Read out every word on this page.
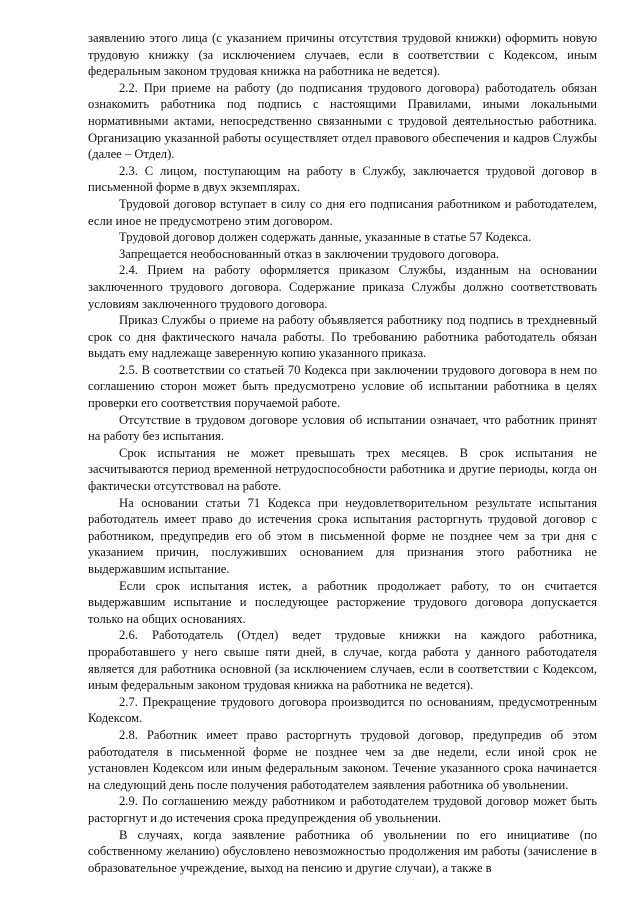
заявлению этого лица (с указанием причины отсутствия трудовой книжки) оформить новую трудовую книжку (за исключением случаев, если в соответствии с Кодексом, иным федеральным законом трудовая книжка на работника не ведется).

2.2. При приеме на работу (до подписания трудового договора) работодатель обязан ознакомить работника под подпись с настоящими Правилами, иными локальными нормативными актами, непосредственно связанными с трудовой деятельностью работника. Организацию указанной работы осуществляет отдел правового обеспечения и кадров Службы (далее – Отдел).

2.3. С лицом, поступающим на работу в Службу, заключается трудовой договор в письменной форме в двух экземплярах.

Трудовой договор вступает в силу со дня его подписания работником и работодателем, если иное не предусмотрено этим договором.

Трудовой договор должен содержать данные, указанные в статье 57 Кодекса.

Запрещается необоснованный отказ в заключении трудового договора.

2.4. Прием на работу оформляется приказом Службы, изданным на основании заключенного трудового договора. Содержание приказа Службы должно соответствовать условиям заключенного трудового договора.

Приказ Службы о приеме на работу объявляется работнику под подпись в трехдневный срок со дня фактического начала работы. По требованию работника работодатель обязан выдать ему надлежаще заверенную копию указанного приказа.

2.5. В соответствии со статьей 70 Кодекса при заключении трудового договора в нем по соглашению сторон может быть предусмотрено условие об испытании работника в целях проверки его соответствия поручаемой работе.

Отсутствие в трудовом договоре условия об испытании означает, что работник принят на работу без испытания.

Срок испытания не может превышать трех месяцев. В срок испытания не засчитываются период временной нетрудоспособности работника и другие периоды, когда он фактически отсутствовал на работе.

На основании статьи 71 Кодекса при неудовлетворительном результате испытания работодатель имеет право до истечения срока испытания расторгнуть трудовой договор с работником, предупредив его об этом в письменной форме не позднее чем за три дня с указанием причин, послуживших основанием для признания этого работника не выдержавшим испытание.

Если срок испытания истек, а работник продолжает работу, то он считается выдержавшим испытание и последующее расторжение трудового договора допускается только на общих основаниях.

2.6. Работодатель (Отдел) ведет трудовые книжки на каждого работника, проработавшего у него свыше пяти дней, в случае, когда работа у данного работодателя является для работника основной (за исключением случаев, если в соответствии с Кодексом, иным федеральным законом трудовая книжка на работника не ведется).

2.7. Прекращение трудового договора производится по основаниям, предусмотренным Кодексом.

2.8. Работник имеет право расторгнуть трудовой договор, предупредив об этом работодателя в письменной форме не позднее чем за две недели, если иной срок не установлен Кодексом или иным федеральным законом. Течение указанного срока начинается на следующий день после получения работодателем заявления работника об увольнении.

2.9. По соглашению между работником и работодателем трудовой договор может быть расторгнут и до истечения срока предупреждения об увольнении.

В случаях, когда заявление работника об увольнении по его инициативе (по собственному желанию) обусловлено невозможностью продолжения им работы (зачисление в образовательное учреждение, выход на пенсию и другие случаи), а также в
